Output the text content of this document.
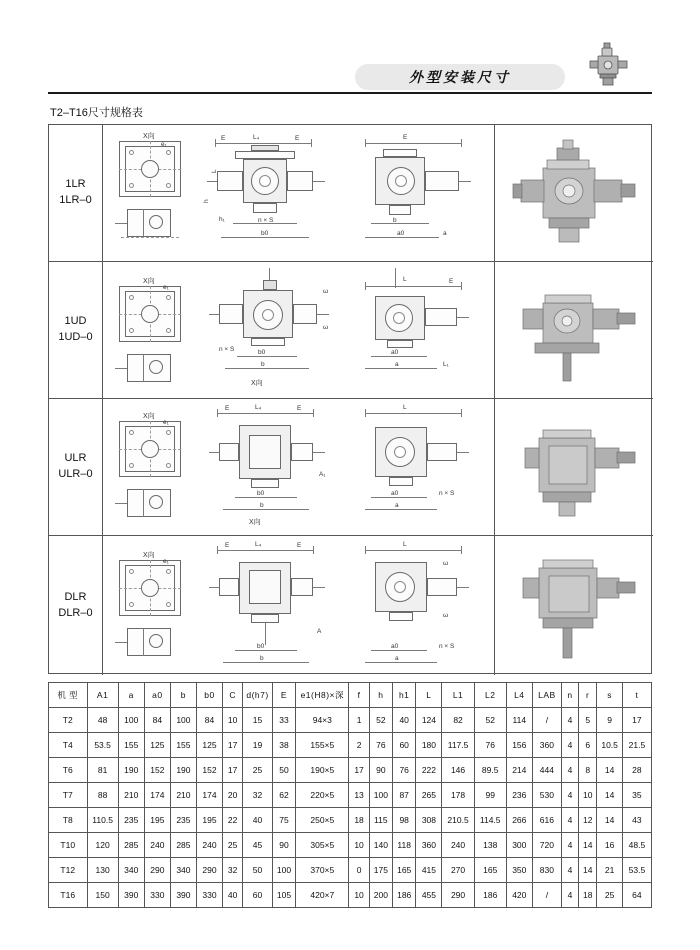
外型安装尺寸
T2–T16尺寸规格表
1LR
1LR–0
X向
e₁
E	L₄	E
L
h
h₁	n × S
b0
E
b
a0	a
1UD
1UD–0
X向
e₁
ω
ω
n × S	b0
b
X向
L	E
a0
a	L₁
ULR
ULR–0
X向
e₁
E	L₄	E
b0
b
A₁
X向
L
a0
a
n × S
DLR
DLR–0
X向
e₁
E	L₄	E
b0
b
A
L
ω
ω
a0
a
n × S
机 型	A1	a	a0	b	b0	C	d(h7)	E	e1(H8)×深	f	h	h1	L	L1	L2	L4	LAB	n	r	s	t
T2	48	100	84	100	84	10	15	33	94×3	1	52	40	124	82	52	114	/	4	5	9	17
T4	53.5	155	125	155	125	17	19	38	155×5	2	76	60	180	117.5	76	156	360	4	6	10.5	21.5
T6	81	190	152	190	152	17	25	50	190×5	17	90	76	222	146	89.5	214	444	4	8	14	28
T7	88	210	174	210	174	20	32	62	220×5	13	100	87	265	178	99	236	530	4	10	14	35
T8	110.5	235	195	235	195	22	40	75	250×5	18	115	98	308	210.5	114.5	266	616	4	12	14	43
T10	120	285	240	285	240	25	45	90	305×5	10	140	118	360	240	138	300	720	4	14	16	48.5
T12	130	340	290	340	290	32	50	100	370×5	0	175	165	415	270	165	350	830	4	14	21	53.5
T16	150	390	330	390	330	40	60	105	420×7	10	200	186	455	290	186	420	/	4	18	25	64
